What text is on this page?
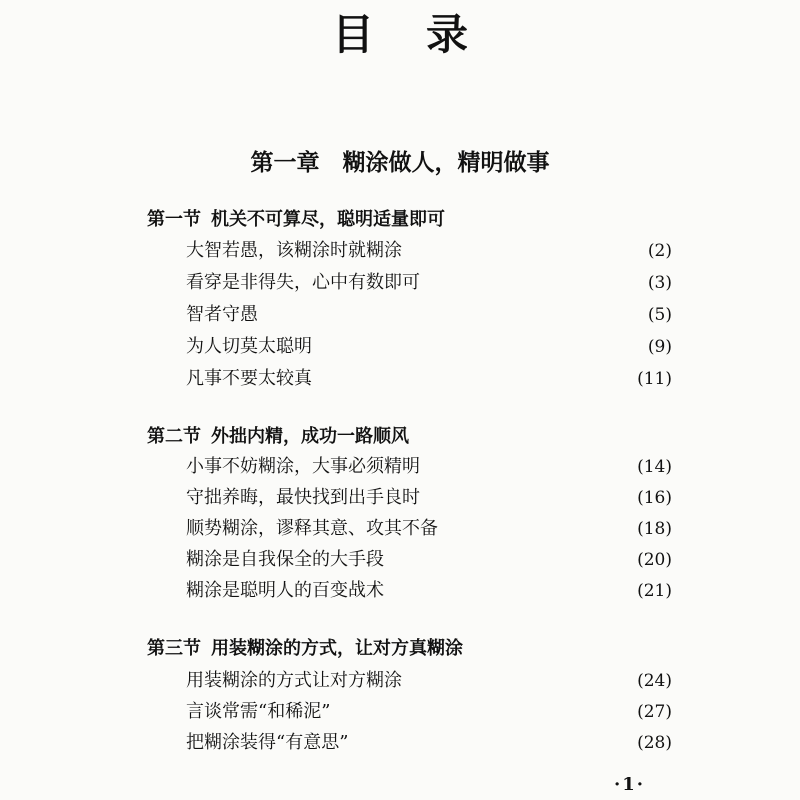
目录
第一章　糊涂做人，精明做事
第一节 机关不可算尽，聪明适量即可
大智若愚，该糊涂时就糊涂	(2)
看穿是非得失，心中有数即可	(3)
智者守愚	(5)
为人切莫太聪明	(9)
凡事不要太较真	(11)
第二节 外拙内精，成功一路顺风
小事不妨糊涂，大事必须精明	(14)
守拙养晦，最快找到出手良时	(16)
顺势糊涂，谬释其意、攻其不备	(18)
糊涂是自我保全的大手段	(20)
糊涂是聪明人的百变战术	(21)
第三节 用装糊涂的方式，让对方真糊涂
用装糊涂的方式让对方糊涂	(24)
言谈常需“和稀泥”	(27)
把糊涂装得“有意思”	(28)
·1·
